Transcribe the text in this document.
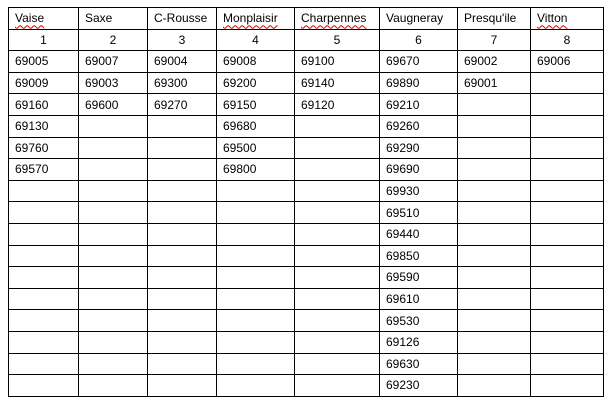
Vaise	Saxe	C-Rousse	Monplaisir	Charpennes	Vaugneray	Presqu'ile	Vitton
1	2	3	4	5	6	7	8
69005	69007	69004	69008	69100	69670	69002	69006
69009	69003	69300	69200	69140	69890	69001	
69160	69600	69270	69150	69120	69210		
69130			69680		69260		
69760			69500		69290		
69570			69800		69690		
					69930		
					69510		
					69440		
					69850		
					69590		
					69610		
					69530		
					69126		
					69630		
					69230		
